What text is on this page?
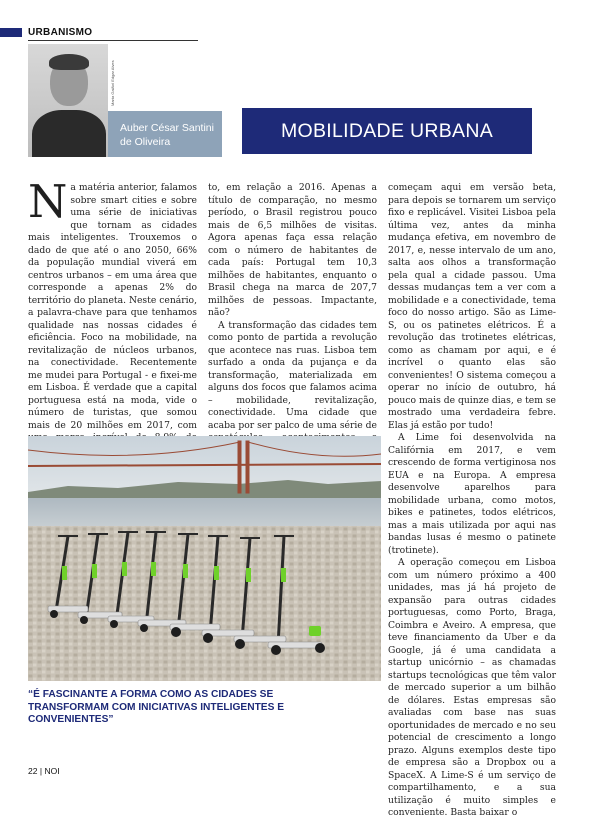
URBANISMO
Marta Gaião/ Edgar Alves
Auber César Santini de Oliveira	MOBILIDADE URBANA

Na matéria anterior, falamos sobre smart cities e sobre uma série de iniciativas que tornam as cidades mais inteligentes. Trouxemos o dado de que até o ano 2050, 66% da população mundial viverá em centros urbanos – em uma área que corresponde a apenas 2% do território do planeta. Neste cenário, a palavra-chave para que tenhamos qualidade nas nossas cidades é eficiência. Foco na mobilidade, na revitalização de núcleos urbanos, na conectividade. Recentemente me mudei para Portugal - e fixei-me em Lisboa. É verdade que a capital portuguesa está na moda, vide o número de turistas, que somou mais de 20 milhões em 2017, com

to, em relação a 2016. Apenas a título de comparação, no mesmo período, o Brasil registrou pouco mais de 6,5 milhões de visitas. Agora apenas faça essa relação com o número de habitantes de cada país: Portugal tem 10,3 milhões de habitantes, enquanto o Brasil chega na marca de 207,7 milhões de pessoas. Impactante, não?

A transformação das cidades tem como ponto de partida a revolução que acontece nas ruas. Lisboa tem surfado a onda da pujança e da transformação, materializada em alguns dos focos que falamos acima – mobilidade, revitalização, conectividade. Uma cidade que acaba por ser palco de uma série de

começam aqui em versão beta, para depois se tornarem um serviço fixo e replicável. Visitei Lisboa pela última vez, antes da minha mudança efetiva, em novembro de 2017, e, nesse intervalo de um ano, salta aos olhos a transformação pela qual a cidade passou. Uma dessas mudanças tem a ver com a mobilidade e a conectividade, tema foco do nosso artigo. São as Lime-S, ou os patinetes elétricos. É a revolução das trotinetes elétricas, como as chamam por aqui, e é incrível o quanto elas são convenientes! O sistema começou a operar no início de outubro, há pouco mais de quinze dias, e tem se mostrado uma verdadeira febre. Elas já estão por tudo!

A Lime foi desenvolvida na Califórnia em 2017, e vem crescendo de forma vertiginosa nos EUA e na Europa. A empresa desenvolve aparelhos para mobilidade urbana, como motos, bikes e patinetes, todos elétricos, mas a mais utilizada por aqui nas bandas lusas é mesmo o patinete (trotinete).

A operação começou em Lisboa com um número próximo a 400 unidades, mas já há projeto de expansão para outras cidades portuguesas, como Porto, Braga, Coimbra e Aveiro. A empresa, que teve financiamento da Uber e da Google, já é uma candidata a startup unicórnio – as chamadas startups tecnológicas que têm valor de mercado superior a um bilhão de dólares. Estas empresas são avaliadas com base nas suas oportunidades de mercado e no seu potencial de crescimento a longo prazo. Alguns exemplos deste tipo de empresa são a Dropbox ou a SpaceX. A Lime-S é um serviço de compartilhamento, e a sua utilização é muito simples e conveniente. Basta baixar o

“É FASCINANTE A FORMA COMO AS CIDADES SE TRANSFORMAM COM INICIATIVAS INTELIGENTES E CONVENIENTES”
22 | NOI
